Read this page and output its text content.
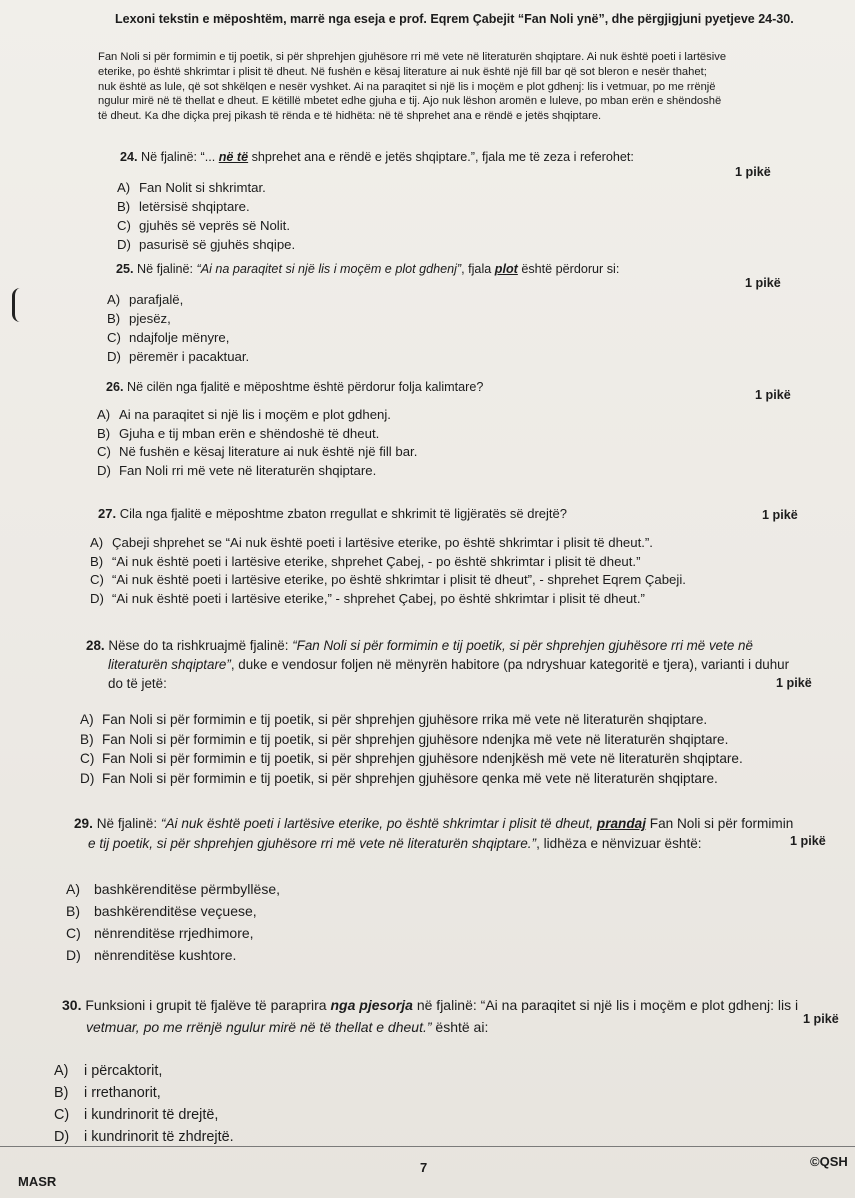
Lexoni tekstin e mëposhtëm, marrë nga eseja e prof. Eqrem Çabejit “Fan Noli ynë”, dhe përgjigjuni pyetjeve 24-30.
Fan Noli si për formimin e tij poetik, si për shprehjen gjuhësore rri më vete në literaturën shqiptare. Ai nuk është poeti i lartësive
eterike, po është shkrimtar i plisit të dheut. Në fushën e kësaj literature ai nuk është një fill bar që sot bleron e nesër thahet;
nuk është as lule, që sot shkëlqen e nesër vyshket. Ai na paraqitet si një lis i moçëm e plot gdhenj: lis i vetmuar, po me rrënjë
ngulur mirë në të thellat e dheut. E këtillë mbetet edhe gjuha e tij. Ajo nuk lëshon aromën e luleve, po mban erën e shëndoshë
të dheut. Ka dhe diçka prej pikash të rënda e të hidhëta: në të shprehet ana e rëndë e jetës shqiptare.
24. Në fjalinë: “... në të shprehet ana e rëndë e jetës shqiptare.”, fjala me të zeza i referohet:
1 pikë
A) Fan Nolit si shkrimtar.
B) letërsisë shqiptare.
C) gjuhës së veprës së Nolit.
D) pasurisë së gjuhës shqipe.
25. Në fjalinë: “Ai na paraqitet si një lis i moçëm e plot gdhenj”, fjala plot është përdorur si:
1 pikë
A) parafjalë,
B) pjesëz,
C) ndajfolje mënyre,
D) përemër i pacaktuar.
26. Në cilën nga fjalitë e mëposhtme është përdorur folja kalimtare?
1 pikë
A) Ai na paraqitet si një lis i moçëm e plot gdhenj.
B) Gjuha e tij mban erën e shëndoshë të dheut.
C) Në fushën e kësaj literature ai nuk është një fill bar.
D) Fan Noli rri më vete në literaturën shqiptare.
27. Cila nga fjalitë e mëposhtme zbaton rregullat e shkrimit të ligjëratës së drejtë?	1 pikë
A) Çabeji shprehet se “Ai nuk është poeti i lartësive eterike, po është shkrimtar i plisit të dheut.”.
B) “Ai nuk është poeti i lartësive eterike, shprehet Çabej, - po është shkrimtar i plisit të dheut.”
C) “Ai nuk është poeti i lartësive eterike, po është shkrimtar i plisit të dheut”, - shprehet Eqrem Çabeji.
D) “Ai nuk është poeti i lartësive eterike,” - shprehet Çabej, po është shkrimtar i plisit të dheut.”
28. Nëse do ta rishkruajmë fjalinë: “Fan Noli si për formimin e tij poetik, si për shprehjen gjuhësore rri më vete në
literaturën shqiptare”, duke e vendosur foljen në mënyrën habitore (pa ndryshuar kategoritë e tjera), varianti i duhur
do të jetë:	1 pikë
A) Fan Noli si për formimin e tij poetik, si për shprehjen gjuhësore rrika më vete në literaturën shqiptare.
B) Fan Noli si për formimin e tij poetik, si për shprehjen gjuhësore ndenjka më vete në literaturën shqiptare.
C) Fan Noli si për formimin e tij poetik, si për shprehjen gjuhësore ndenjkësh më vete në literaturën shqiptare.
D) Fan Noli si për formimin e tij poetik, si për shprehjen gjuhësore qenka më vete në literaturën shqiptare.
29. Në fjalinë: “Ai nuk është poeti i lartësive eterike, po është shkrimtar i plisit të dheut, prandaj Fan Noli si për formimin
e tij poetik, si për shprehjen gjuhësore rri më vete në literaturën shqiptare.”, lidhëza e nënvizuar është:	1 pikë
A) bashkërenditëse përmbyllëse,
B) bashkërenditëse veçuese,
C) nënrenditëse rrjedhimore,
D) nënrenditëse kushtore.
30. Funksioni i grupit të fjalëve të paraprira nga pjesorja në fjalinë: “Ai na paraqitet si një lis i moçëm e plot gdhenj: lis i
vetmuar, po me rrënjë ngulur mirë në të thellat e dheut.” është ai:	1 pikë
A) i përcaktorit,
B) i rrethanorit,
C) i kundrinorit të drejtë,
D) i kundrinorit të zhdrejtë.
MASR
7	©QSH
